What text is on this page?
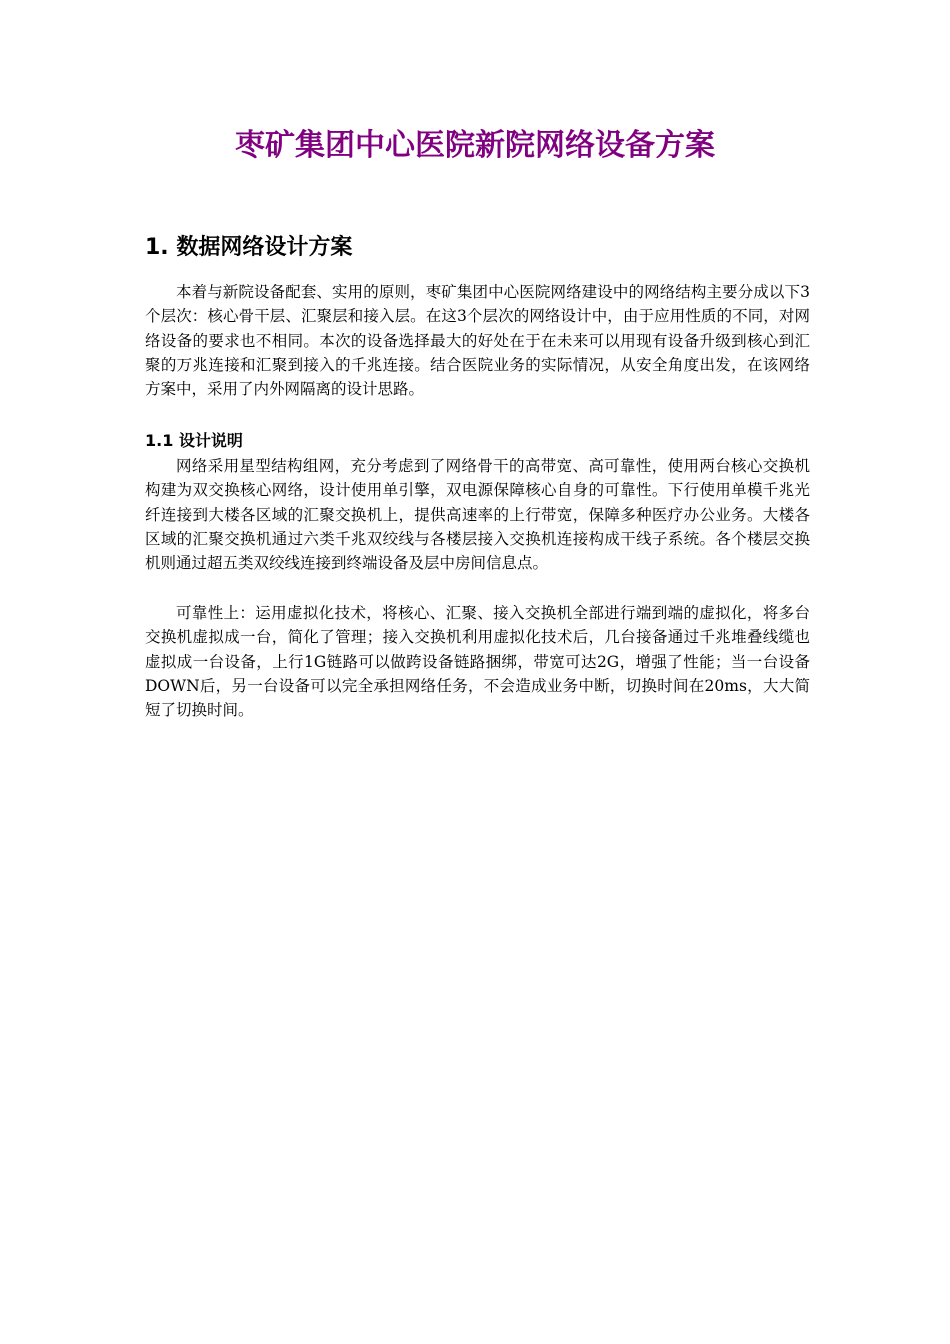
枣矿集团中心医院新院网络设备方案
1. 数据网络设计方案

本着与新院设备配套、实用的原则，枣矿集团中心医院网络建设中的网络结构主要分成以下3个层次：核心骨干层、汇聚层和接入层。在这3个层次的网络设计中，由于应用性质的不同，对网络设备的要求也不相同。本次的设备选择最大的好处在于在未来可以用现有设备升级到核心到汇聚的万兆连接和汇聚到接入的千兆连接。结合医院业务的实际情况，从安全角度出发，在该网络方案中，采用了内外网隔离的设计思路。

1.1 设计说明

网络采用星型结构组网，充分考虑到了网络骨干的高带宽、高可靠性，使用两台核心交换机构建为双交换核心网络，设计使用单引擎，双电源保障核心自身的可靠性。下行使用单模千兆光纤连接到大楼各区域的汇聚交换机上，提供高速率的上行带宽，保障多种医疗办公业务。大楼各区域的汇聚交换机通过六类千兆双绞线与各楼层接入交换机连接构成干线子系统。各个楼层交换机则通过超五类双绞线连接到终端设备及层中房间信息点。

可靠性上：运用虚拟化技术，将核心、汇聚、接入交换机全部进行端到端的虚拟化，将多台交换机虚拟成一台，简化了管理；接入交换机利用虚拟化技术后，几台接备通过千兆堆叠线缆也虚拟成一台设备，上行1G链路可以做跨设备链路捆绑，带宽可达2G，增强了性能；当一台设备DOWN后，另一台设备可以完全承担网络任务，不会造成业务中断，切换时间在20ms，大大简短了切换时间。
